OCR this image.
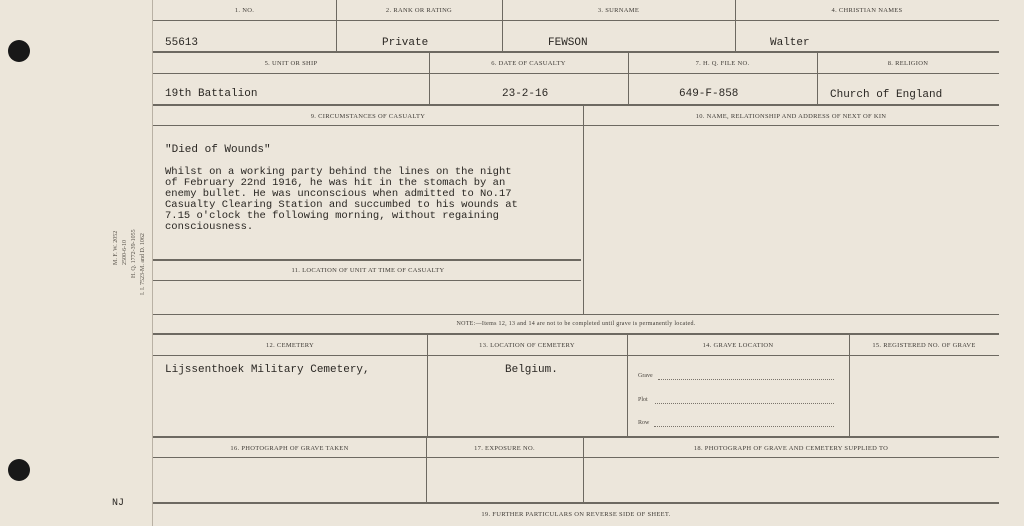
M. F. W. 2052 2500-6-10 H. Q. 1772-39-1055 I. I. 7523-M. and D. 1062
NJ
1. NO.	2. RANK OR RATING	3. SURNAME	4. CHRISTIAN NAMES
55613	Private	FEWSON	Walter
5. UNIT OR SHIP	6. DATE OF CASUALTY	7. H. Q. FILE NO.	8. RELIGION
19th Battalion	23-2-16	649-F-858	Church of England
9. CIRCUMSTANCES OF CASUALTY	10. NAME, RELATIONSHIP AND ADDRESS OF NEXT OF KIN
"Died of Wounds"
Whilst on a working party behind the lines on the night
of February 22nd 1916, he was hit in the stomach by an
enemy bullet. He was unconscious when admitted to No.17
Casualty Clearing Station and succumbed to his wounds at
7.15 o'clock the following morning, without regaining
consciousness.
11. LOCATION OF UNIT AT TIME OF CASUALTY
NOTE:—Items 12, 13 and 14 are not to be completed until grave is permanently located.
12. CEMETERY	13. LOCATION OF CEMETERY	14. GRAVE LOCATION	15. REGISTERED NO. OF GRAVE
Lijssenthoek Military Cemetery,	Belgium.	Grave
Plot
Row
16. PHOTOGRAPH OF GRAVE TAKEN	17. EXPOSURE NO.	18. PHOTOGRAPH OF GRAVE AND CEMETERY SUPPLIED TO
19. FURTHER PARTICULARS ON REVERSE SIDE OF SHEET.
